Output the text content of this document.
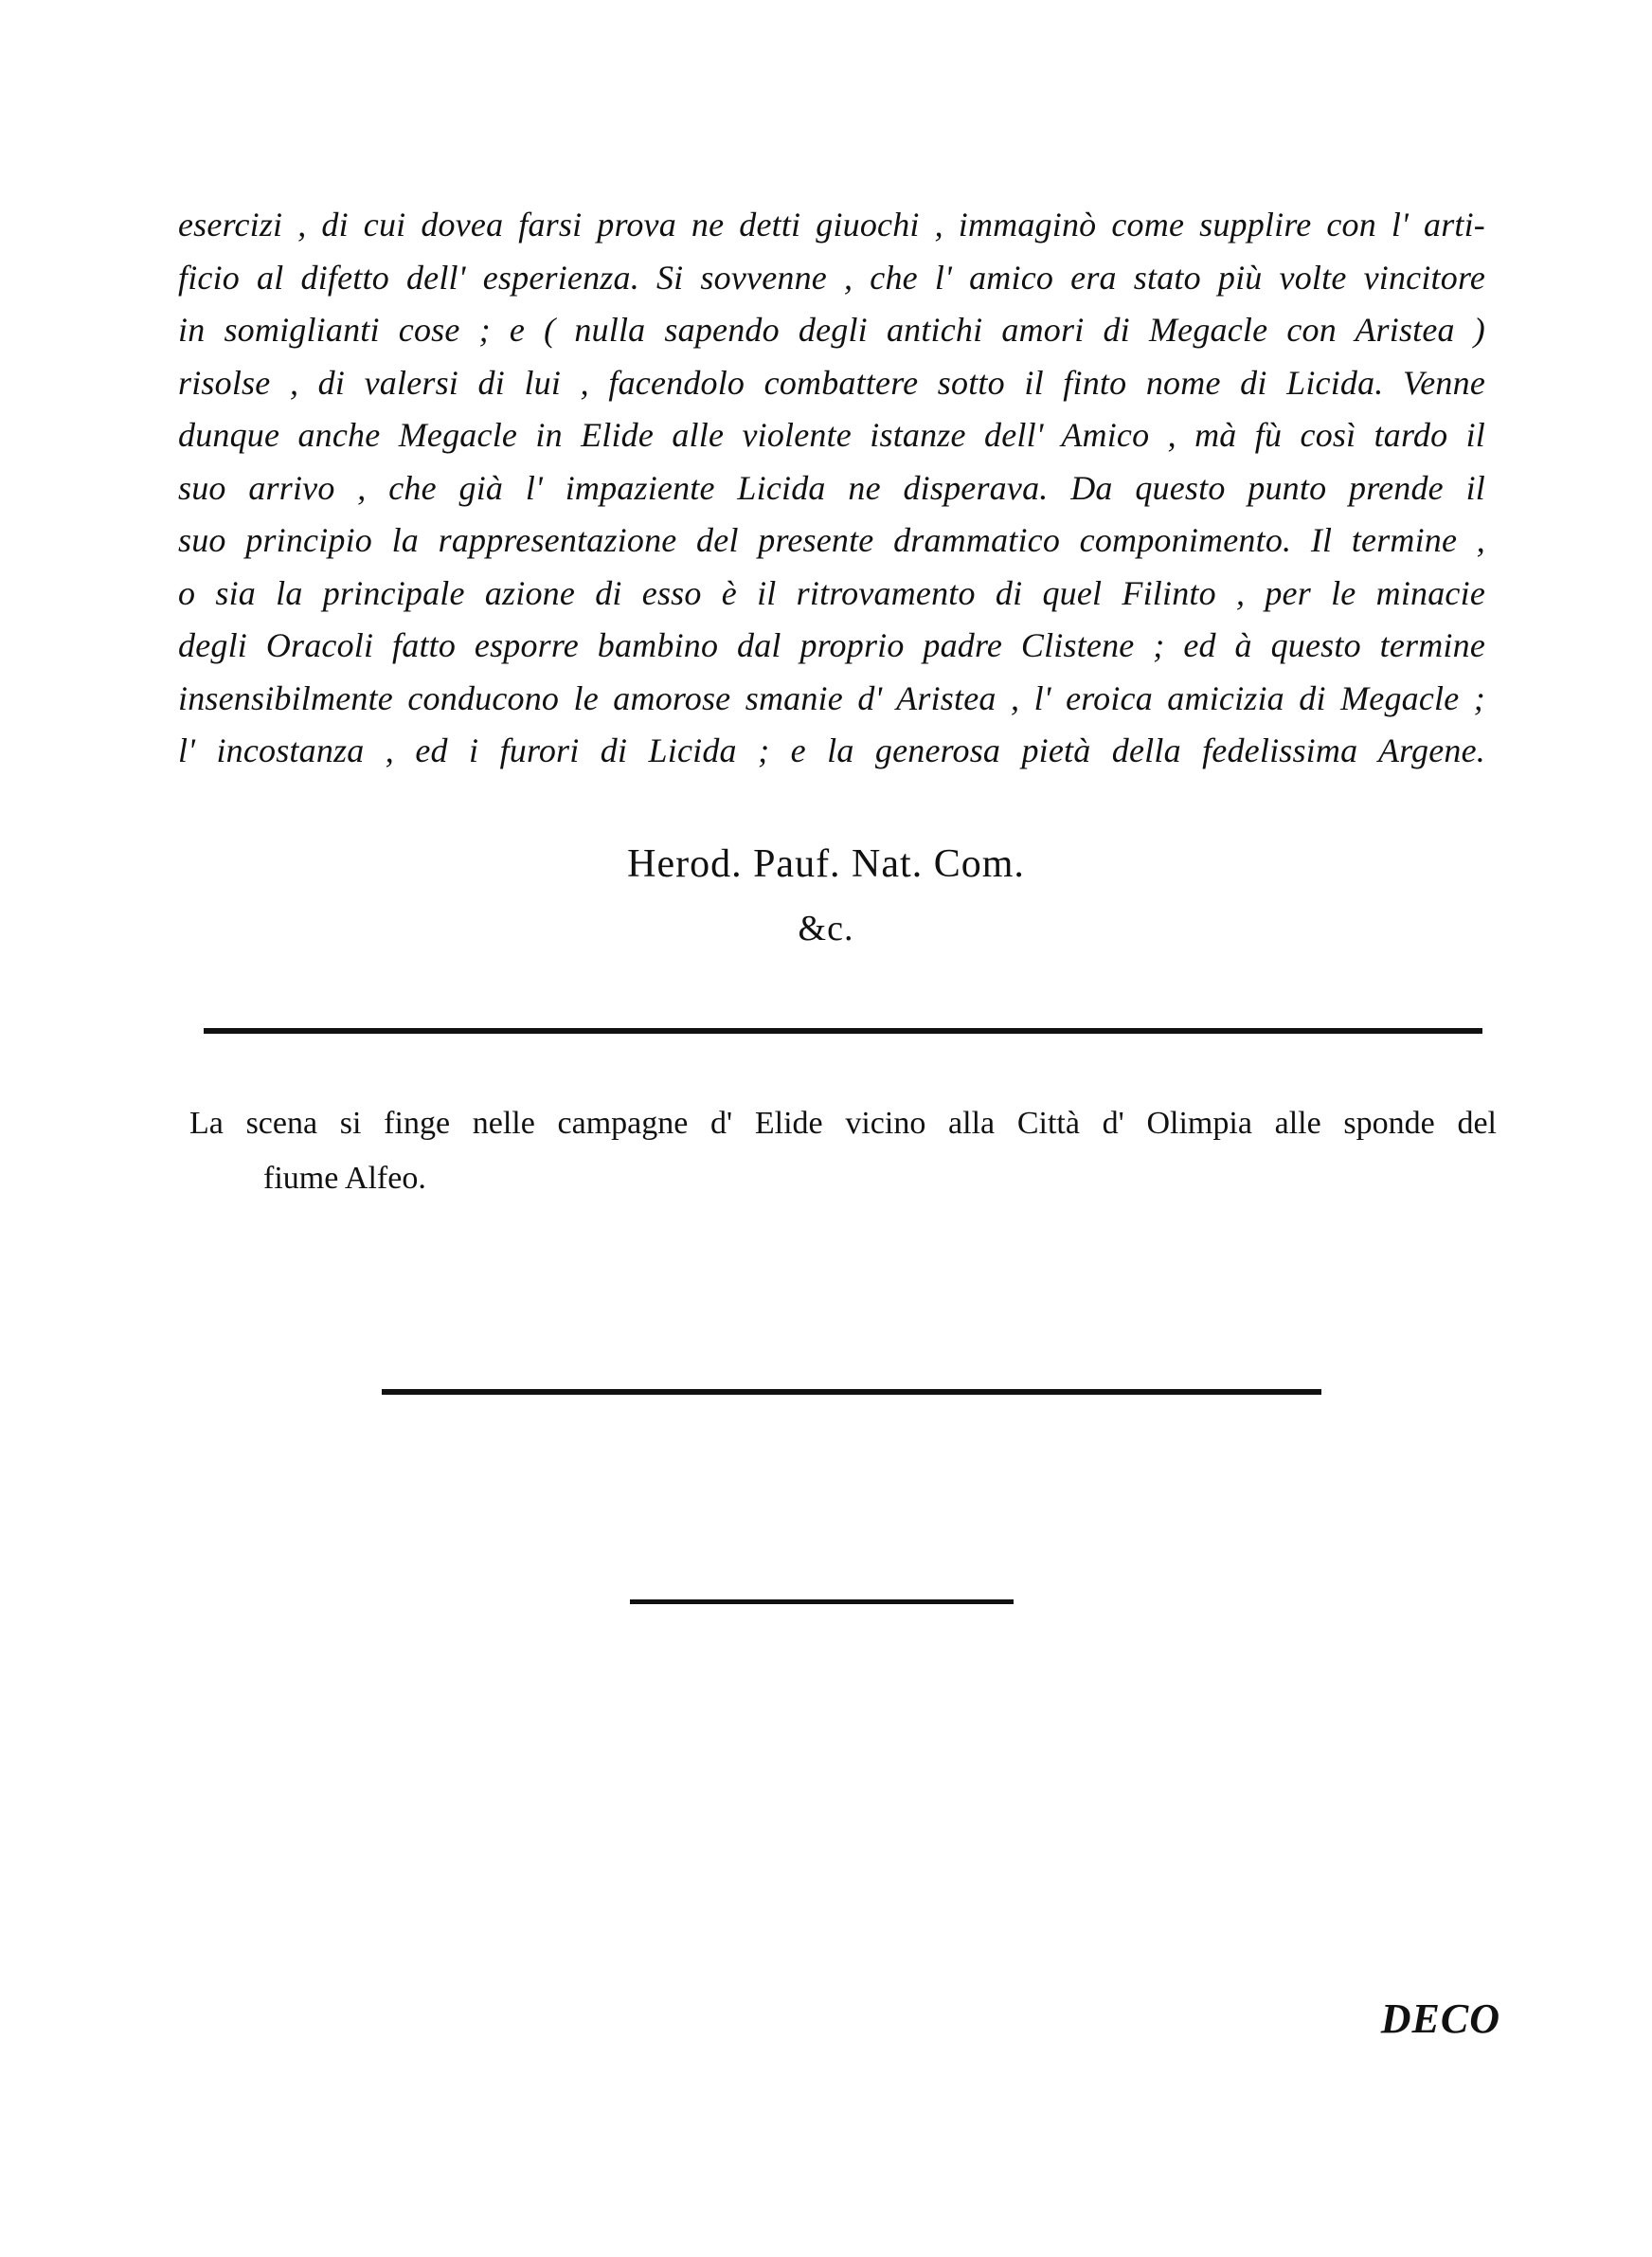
esercizi , di cui dovea farsi prova ne detti giuochi , immaginò come supplire con l' arti-
ficio al difetto dell' esperienza. Si sovvenne , che l' amico era stato più volte vincitore
in somiglianti cose ; e ( nulla sapendo degli antichi amori di Megacle con Aristea )
risolse , di valersi di lui , facendolo combattere sotto il finto nome di Licida. Venne
dunque anche Megacle in Elide alle violente istanze dell' Amico , mà fù così tardo il
suo arrivo , che già l' impaziente Licida ne disperava. Da questo punto prende il
suo principio la rappresentazione del presente drammatico componimento. Il termine ,
o sia la principale azione di esso è il ritrovamento di quel Filinto , per le minacie
degli Oracoli fatto esporre bambino dal proprio padre Clistene ; ed à questo termine
insensibilmente conducono le amorose smanie d' Aristea , l' eroica amicizia di Megacle ;
l' incostanza , ed i furori di Licida ; e la generosa pietà della fedelissima Argene.
Herod. Pauf. Nat. Com.
&c.
La scena si finge nelle campagne d' Elide vicino alla Città d' Olimpia alle sponde del
fiume Alfeo.
DECO
